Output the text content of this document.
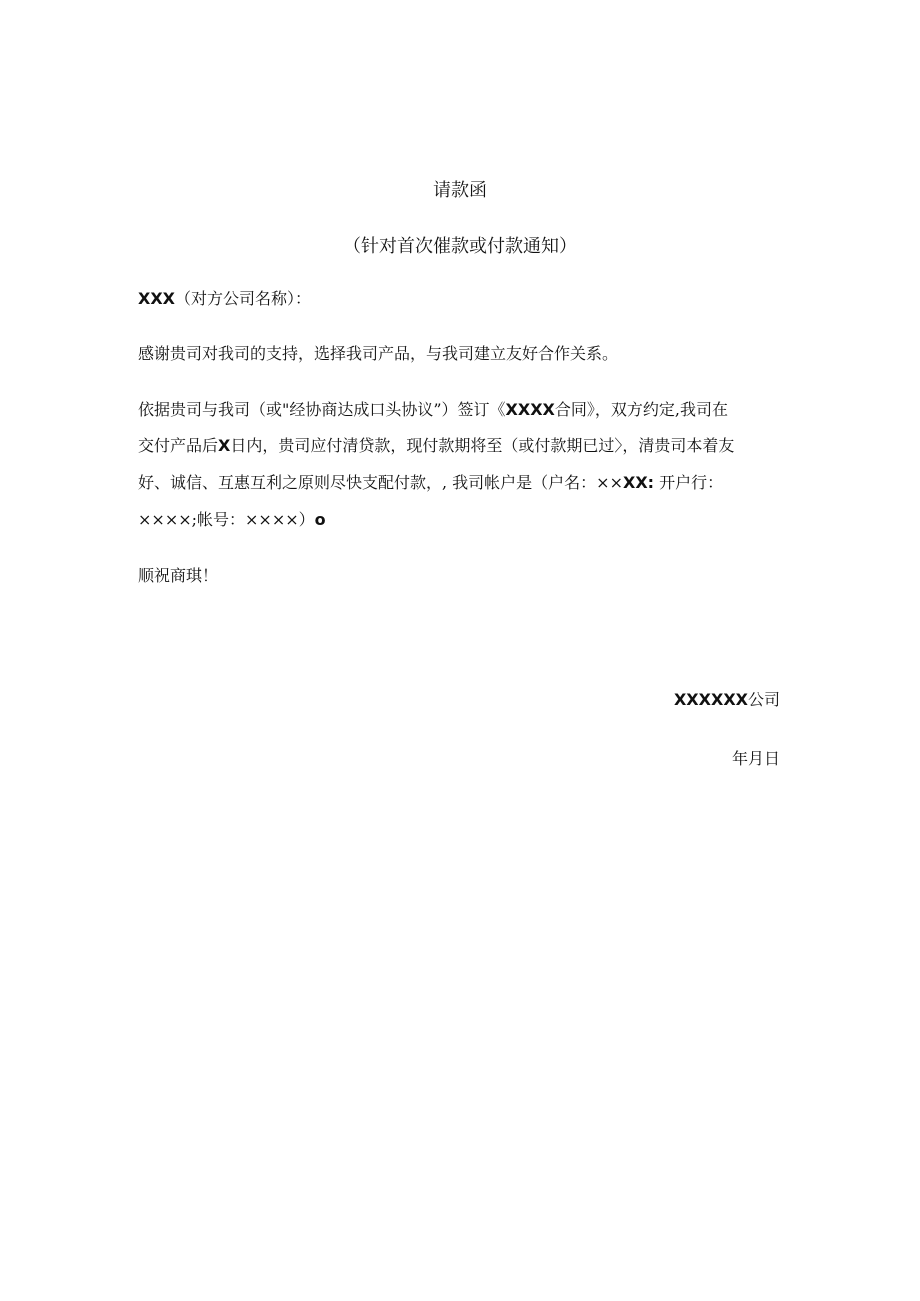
请款函
（针对首次催款或付款通知）

XXX（对方公司名称）：

感谢贵司对我司的支持，选择我司产品，与我司建立友好合作关系。

依据贵司与我司（或"经协商达成口头协议”）签订《XXXX合同》，双方约定,我司在

交付产品后X日内，贵司应付清贷款，现付款期将至（或付款期已过〉，清贵司本着友

好、诚信、互惠互利之原则尽快支配付款，, 我司帐户是（户名：××XX: 开户行：

××××;帐号：××××）o

顺祝商琪！

XXXXXX公司

年月日
